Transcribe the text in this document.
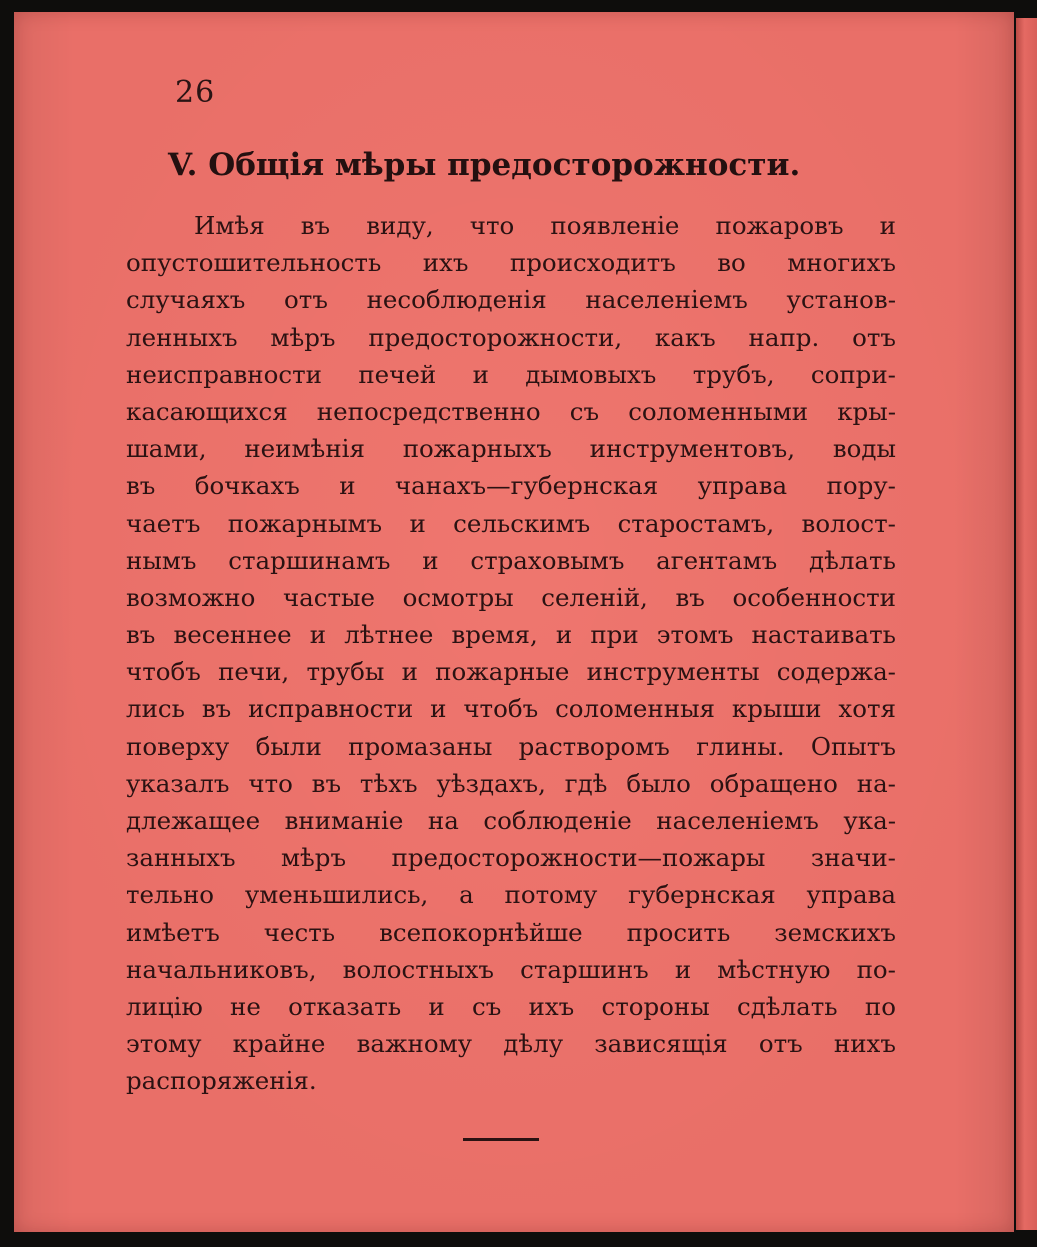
26
V. Общія мѣры предосторожности.
Имѣя въ виду, что появленіе пожаровъ и
опустошительность ихъ происходитъ во многихъ
случаяхъ отъ несоблюденія населеніемъ установ-
ленныхъ мѣръ предосторожности, какъ напр. отъ
неисправности печей и дымовыхъ трубъ, сопри-
касающихся непосредственно съ соломенными кры-
шами, неимѣнія пожарныхъ инструментовъ, воды
въ бочкахъ и чанахъ—губернская управа пору-
чаетъ пожарнымъ и сельскимъ старостамъ, волост-
нымъ старшинамъ и страховымъ агентамъ дѣлать
возможно частые осмотры селеній, въ особенности
въ весеннее и лѣтнее время, и при этомъ настаивать
чтобъ печи, трубы и пожарные инструменты содержа-
лись въ исправности и чтобъ соломенныя крыши хотя
поверху были промазаны растворомъ глины. Опытъ
указалъ что въ тѣхъ уѣздахъ, гдѣ было обращено на-
длежащее вниманіе на соблюденіе населеніемъ ука-
занныхъ мѣръ предосторожности—пожары значи-
тельно уменьшились, а потому губернская управа
имѣетъ честь всепокорнѣйше просить земскихъ
начальниковъ, волостныхъ старшинъ и мѣстную по-
лицію не отказать и съ ихъ стороны сдѣлать по
этому крайне важному дѣлу зависящія отъ нихъ
распоряженія.
